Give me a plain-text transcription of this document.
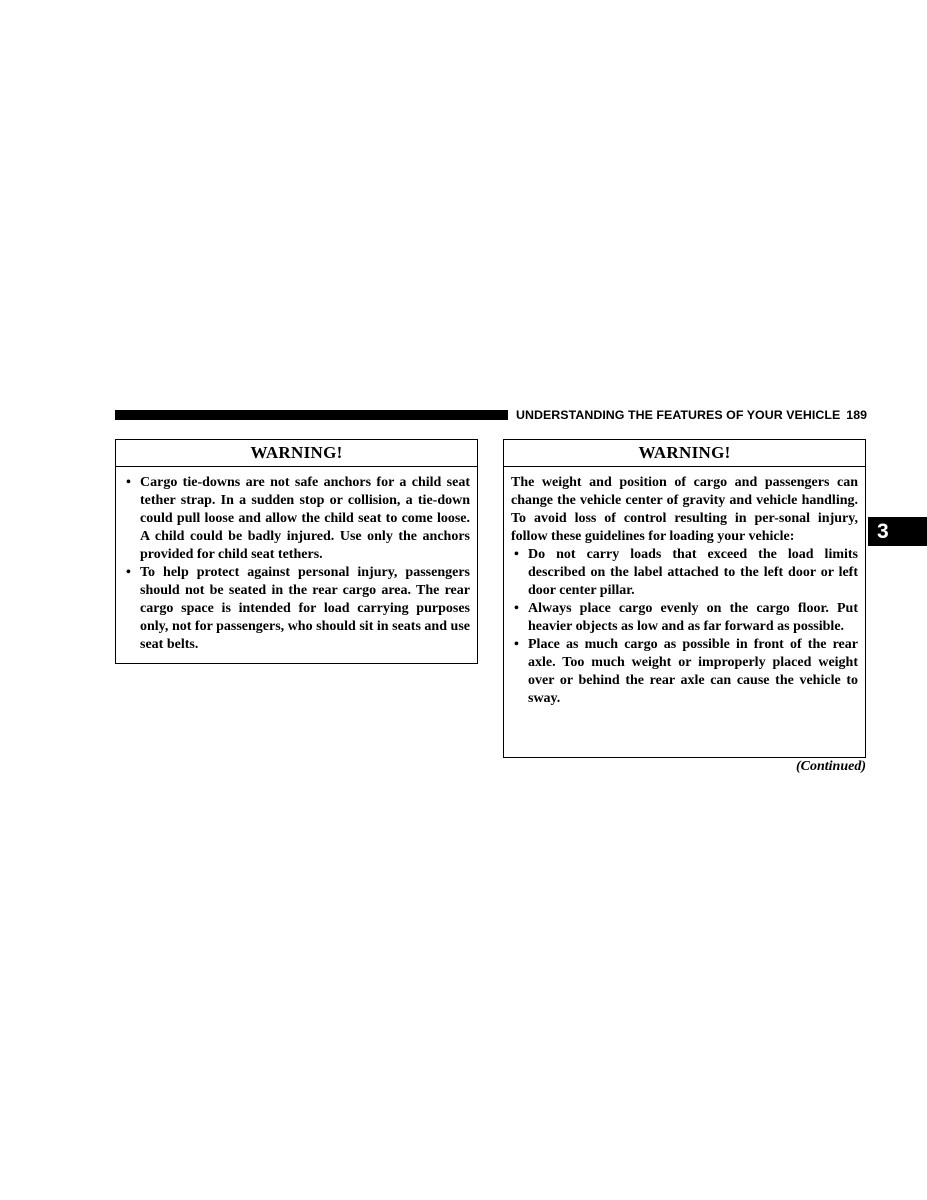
UNDERSTANDING THE FEATURES OF YOUR VEHICLE 189
3
WARNING!
• Cargo tie-downs are not safe anchors for a child seat tether strap. In a sudden stop or collision, a tie-down could pull loose and allow the child seat to come loose. A child could be badly injured. Use only the anchors provided for child seat tethers.
• To help protect against personal injury, passengers should not be seated in the rear cargo area. The rear cargo space is intended for load carrying purposes only, not for passengers, who should sit in seats and use seat belts.
WARNING!

The weight and position of cargo and passengers can change the vehicle center of gravity and vehicle handling. To avoid loss of control resulting in per-sonal injury, follow these guidelines for loading your vehicle:

• Do not carry loads that exceed the load limits described on the label attached to the left door or left door center pillar.
• Always place cargo evenly on the cargo floor. Put heavier objects as low and as far forward as possible.
• Place as much cargo as possible in front of the rear axle. Too much weight or improperly placed weight over or behind the rear axle can cause the vehicle to sway.
(Continued)
